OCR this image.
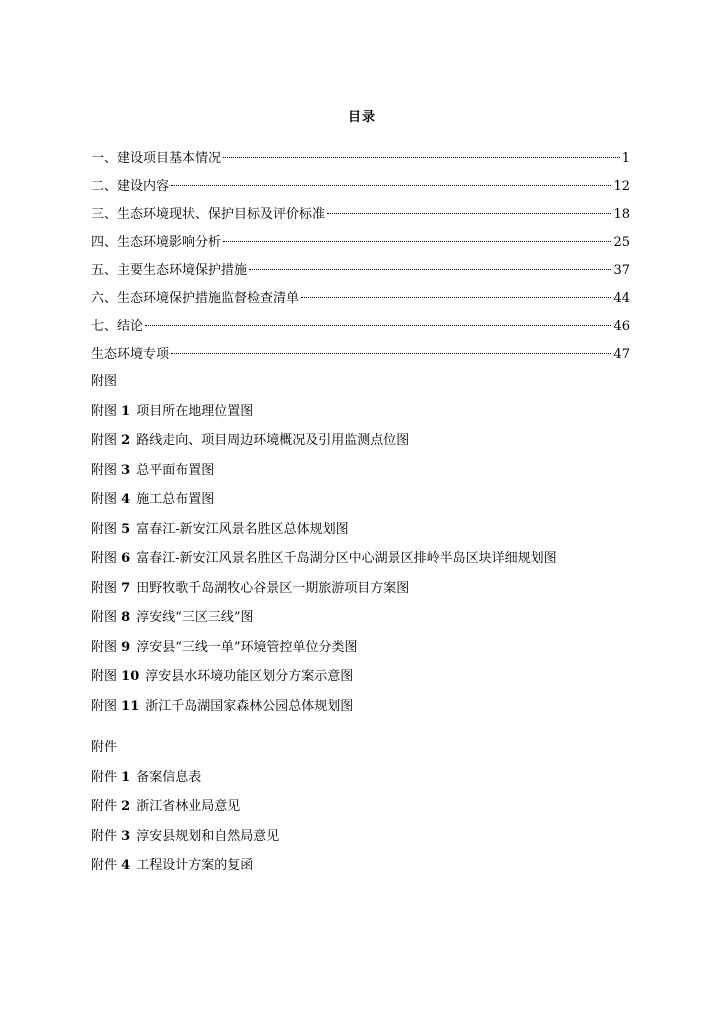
目录
一、建设项目基本情况	1
二、建设内容	12
三、生态环境现状、保护目标及评价标准	18
四、生态环境影响分析	25
五、主要生态环境保护措施	37
六、生态环境保护措施监督检查清单	44
七、结论	46
生态环境专项	47
附图
附图 1 项目所在地理位置图
附图 2 路线走向、项目周边环境概况及引用监测点位图
附图 3 总平面布置图
附图 4 施工总布置图
附图 5 富春江-新安江风景名胜区总体规划图
附图 6 富春江-新安江风景名胜区千岛湖分区中心湖景区排岭半岛区块详细规划图
附图 7 田野牧歌千岛湖牧心谷景区一期旅游项目方案图
附图 8 淳安线“三区三线”图
附图 9 淳安县“三线一单”环境管控单位分类图
附图 10 淳安县水环境功能区划分方案示意图
附图 11 浙江千岛湖国家森林公园总体规划图
附件
附件 1 备案信息表
附件 2 浙江省林业局意见
附件 3 淳安县规划和自然局意见
附件 4 工程设计方案的复函
